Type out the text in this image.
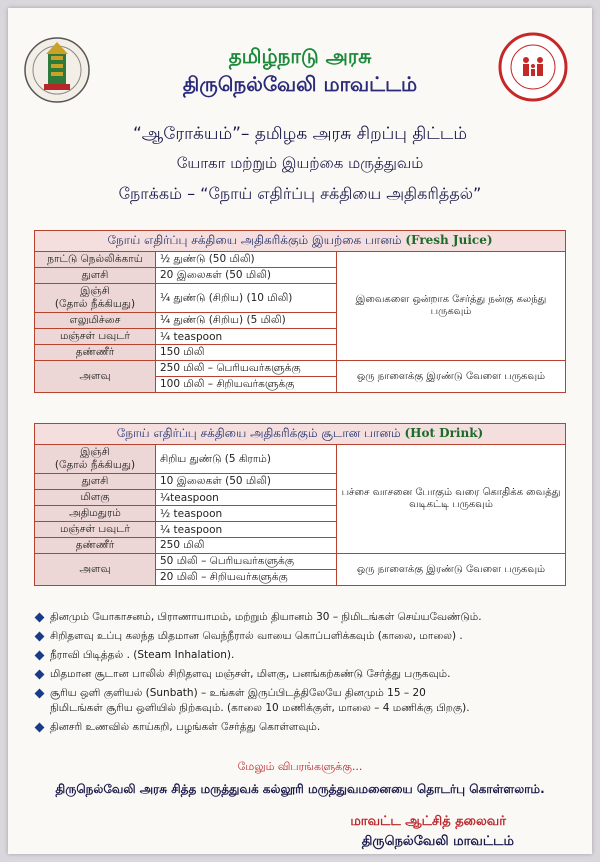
தமிழ்நாடு அரசு
திருநெல்வேலி மாவட்டம்
“ஆரோக்யம்”– தமிழக அரசு சிறப்பு திட்டம்
யோகா மற்றும் இயற்கை மருத்துவம்
நோக்கம் – “நோய் எதிர்ப்பு சக்தியை அதிகரித்தல்”
நோய் எதிர்ப்பு சக்தியை அதிகரிக்கும் இயற்கை பானம் (Fresh Juice)		
நாட்டு நெல்லிக்காய்	½ துண்டு (50 மிலி)	இவைகளை ஒன்றாக சேர்த்து நன்கு கலந்து பருகவும்
துளசி	20 இலைகள் (50 மிலி)	

இஞ்சி
(தோல் நீக்கியது)	¼ துண்டு (சிறிய) (10 மிலி)	
எலுமிச்சை	¼ துண்டு (சிறிய) (5 மிலி)	
மஞ்சள் பவுடர்	¼ teaspoon	
தண்ணீர்	150 மிலி	
அளவு	250 மிலி – பெரியவர்களுக்கு	ஒரு நாளைக்கு இரண்டு வேளை பருகவும்
	100 மிலி – சிறியவர்களுக்கு	
நோய் எதிர்ப்பு சக்தியை அதிகரிக்கும் சூடான பானம் (Hot Drink)		

இஞ்சி
(தோல் நீக்கியது)	சிறிய துண்டு (5 கிராம்)	பச்சை வாசனை போகும் வரை கொதிக்க வைத்து வடிகட்டி பருகவும்
துளசி	10 இலைகள் (50 மிலி)	
மிளகு	¼teaspoon	
அதிமதுரம்	½ teaspoon	
மஞ்சள் பவுடர்	¼ teaspoon	
தண்ணீர்	250 மிலி	
அளவு	50 மிலி – பெரியவர்களுக்கு	ஒரு நாளைக்கு இரண்டு வேளை பருகவும்
	20 மிலி – சிறியவர்களுக்கு	
தினமும் யோகாசனம், பிராணாயாமம், மற்றும் தியானம் 30 – நிமிடங்கள் செய்யவேண்டும்.
சிறிதளவு உப்பு கலந்த மிதமான வெந்நீரால் வாயை கொப்பளிக்கவும் (காலை, மாலை) .
நீராவி பிடித்தல் . (Steam Inhalation).
மிதமான சூடான பாலில் சிறிதளவு மஞ்சள், மிளகு, பனங்கற்கண்டு சேர்த்து பருகவும்.
சூரிய ஒளி குளியல் (Sunbath) – உங்கள் இருப்பிடத்திலேயே தினமும் 15 – 20
நிமிடங்கள் சூரிய ஒளியில் நிற்கவும். (காலை 10 மணிக்குள், மாலை – 4 மணிக்கு பிறகு).
தினசரி உணவில் காய்கறி, பழங்கள் சேர்த்து கொள்ளவும்.
மேலும் விபரங்களுக்கு...
திருநெல்வேலி அரசு சித்த மருத்துவக் கல்லூரி மருத்துவமனையை தொடர்பு கொள்ளலாம்.
மாவட்ட ஆட்சித் தலைவர்
திருநெல்வேலி மாவட்டம்
